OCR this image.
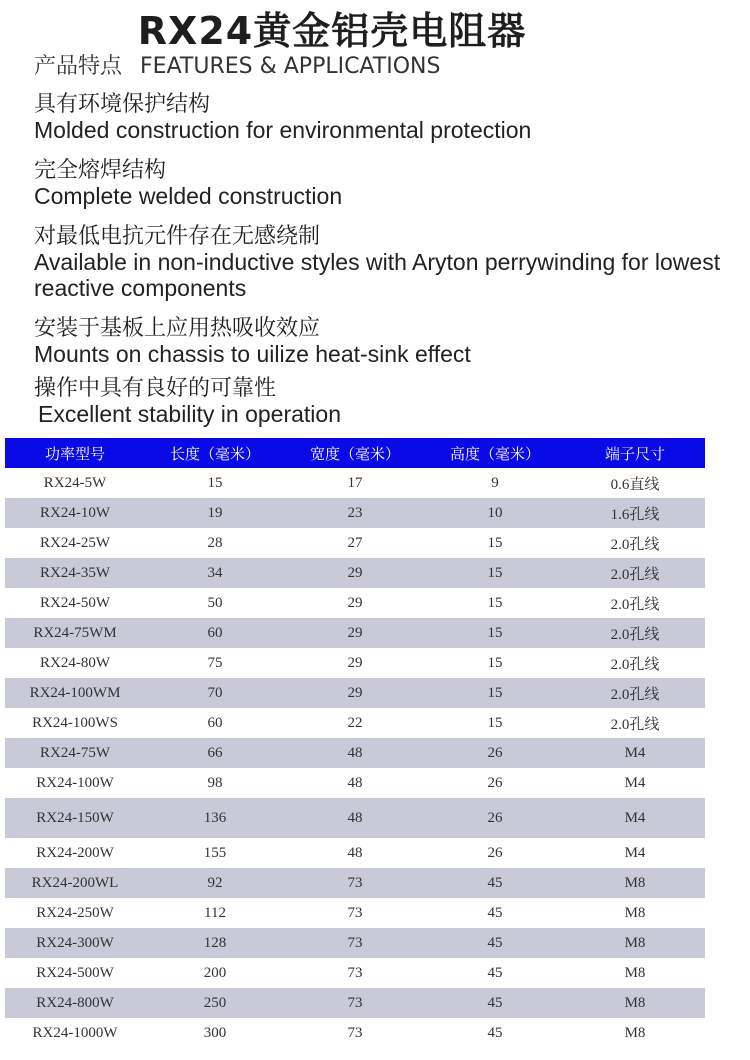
RX24黄金铝壳电阻器
产品特点 FEATURES & APPLICATIONS
具有环境保护结构
Molded construction for environmental protection
完全熔焊结构
Complete welded construction
对最低电抗元件存在无感绕制
Available in non-inductive styles with Aryton perrywinding for lowest reactive components
安装于基板上应用热吸收效应
Mounts on chassis to uilize heat-sink effect
操作中具有良好的可靠性
Excellent stability in operation
功率型号	长度（毫米）	宽度（毫米）	高度（毫米）	端子尺寸
RX24-5W	15	17	9	0.6直线
RX24-10W	19	23	10	1.6孔线
RX24-25W	28	27	15	2.0孔线
RX24-35W	34	29	15	2.0孔线
RX24-50W	50	29	15	2.0孔线
RX24-75WM	60	29	15	2.0孔线
RX24-80W	75	29	15	2.0孔线
RX24-100WM	70	29	15	2.0孔线
RX24-100WS	60	22	15	2.0孔线
RX24-75W	66	48	26	M4
RX24-100W	98	48	26	M4
RX24-150W	136	48	26	M4
RX24-200W	155	48	26	M4
RX24-200WL	92	73	45	M8
RX24-250W	112	73	45	M8
RX24-300W	128	73	45	M8
RX24-500W	200	73	45	M8
RX24-800W	250	73	45	M8
RX24-1000W	300	73	45	M8
